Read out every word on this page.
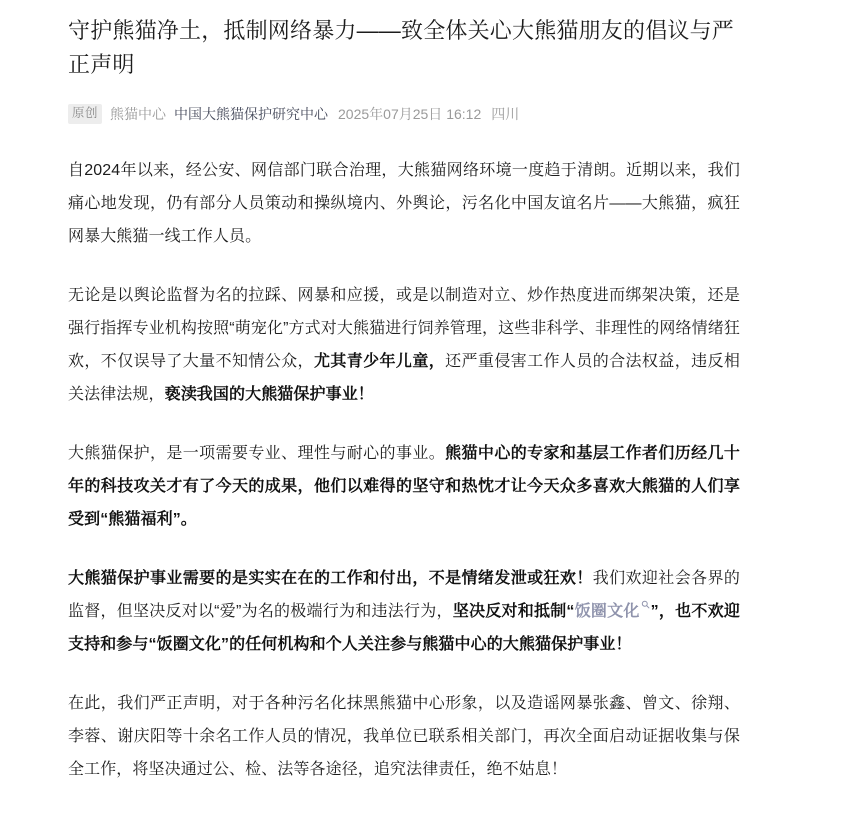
守护熊猫净土，抵制网络暴力——致全体关心大熊猫朋友的倡议与严正声明
原创 熊猫中心 中国大熊猫保护研究中心 2025年07月25日 16:12 四川

自2024年以来，经公安、网信部门联合治理，大熊猫网络环境一度趋于清朗。近期以来，我们痛心地发现，仍有部分人员策动和操纵境内、外舆论，污名化中国友谊名片——大熊猫，疯狂网暴大熊猫一线工作人员。

无论是以舆论监督为名的拉踩、网暴和应援，或是以制造对立、炒作热度进而绑架决策，还是强行指挥专业机构按照“萌宠化”方式对大熊猫进行饲养管理，这些非科学、非理性的网络情绪狂欢，不仅误导了大量不知情公众，尤其青少年儿童，还严重侵害工作人员的合法权益，违反相关法律法规，亵渎我国的大熊猫保护事业！

大熊猫保护，是一项需要专业、理性与耐心的事业。熊猫中心的专家和基层工作者们历经几十年的科技攻关才有了今天的成果，他们以难得的坚守和热忱才让今天众多喜欢大熊猫的人们享受到“熊猫福利”。

大熊猫保护事业需要的是实实在在的工作和付出，不是情绪发泄或狂欢！我们欢迎社会各界的监督，但坚决反对以“爱”为名的极端行为和违法行为，坚决反对和抵制“饭圈文化 ”，也不欢迎支持和参与“饭圈文化”的任何机构和个人关注参与熊猫中心的大熊猫保护事业！

在此，我们严正声明，对于各种污名化抹黑熊猫中心形象，以及造谣网暴张鑫、曾文、徐翔、李蓉、谢庆阳等十余名工作人员的情况，我单位已联系相关部门，再次全面启动证据收集与保全工作，将坚决通过公、检、法等各途径，追究法律责任，绝不姑息！
